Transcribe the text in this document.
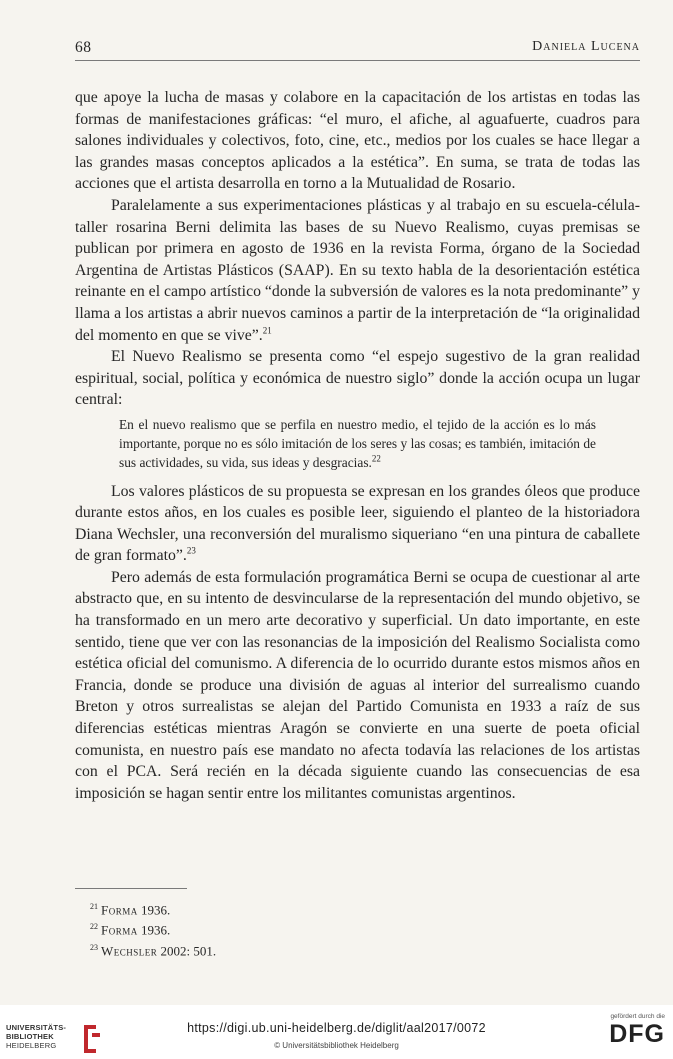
68	Daniela Lucena

que apoye la lucha de masas y colabore en la capacitación de los artistas en todas las formas de manifestaciones gráficas: “el muro, el afiche, al aguafuerte, cuadros para salones individuales y colectivos, foto, cine, etc., medios por los cuales se hace llegar a las grandes masas conceptos aplicados a la estética”. En suma, se trata de todas las acciones que el artista desarrolla en torno a la Mutualidad de Rosario.

Paralelamente a sus experimentaciones plásticas y al trabajo en su escuela-célula-taller rosarina Berni delimita las bases de su Nuevo Realismo, cuyas premisas se publican por primera en agosto de 1936 en la revista Forma, órgano de la Sociedad Argentina de Artistas Plásticos (SAAP). En su texto habla de la desorientación estética reinante en el campo artístico “donde la subversión de valores es la nota predominante” y llama a los artistas a abrir nuevos caminos a partir de la interpretación de “la originalidad del momento en que se vive”.$^{21}$

El Nuevo Realismo se presenta como “el espejo sugestivo de la gran realidad espiritual, social, política y económica de nuestro siglo” donde la acción ocupa un lugar central:

En el nuevo realismo que se perfila en nuestro medio, el tejido de la acción es lo más importante, porque no es sólo imitación de los seres y las cosas; es también, imitación de sus actividades, su vida, sus ideas y desgracias.$^{22}$

Los valores plásticos de su propuesta se expresan en los grandes óleos que produce durante estos años, en los cuales es posible leer, siguiendo el planteo de la historiadora Diana Wechsler, una reconversión del muralismo siqueriano “en una pintura de caballete de gran formato”.$^{23}$

Pero además de esta formulación programática Berni se ocupa de cuestionar al arte abstracto que, en su intento de desvincularse de la representación del mundo objetivo, se ha transformado en un mero arte decorativo y superficial. Un dato importante, en este sentido, tiene que ver con las resonancias de la imposición del Realismo Socialista como estética oficial del comunismo. A diferencia de lo ocurrido durante estos mismos años en Francia, donde se produce una división de aguas al interior del surrealismo cuando Breton y otros surrealistas se alejan del Partido Comunista en 1933 a raíz de sus diferencias estéticas mientras Aragón se convierte en una suerte de poeta oficial comunista, en nuestro país ese mandato no afecta todavía las relaciones de los artistas con el PCA. Será recién en la década siguiente cuando las consecuencias de esa imposición se hagan sentir entre los militantes comunistas argentinos.

$^{21}$ Forma 1936.
$^{22}$ Forma 1936.
$^{23}$ Wechsler 2002: 501.
UNIVERSITÄTS-
BIBLIOTHEK
HEIDELBERG
https://digi.ub.uni-heidelberg.de/diglit/aal2017/0072
© Universitätsbibliothek Heidelberg
gefördert durch die
DFG
